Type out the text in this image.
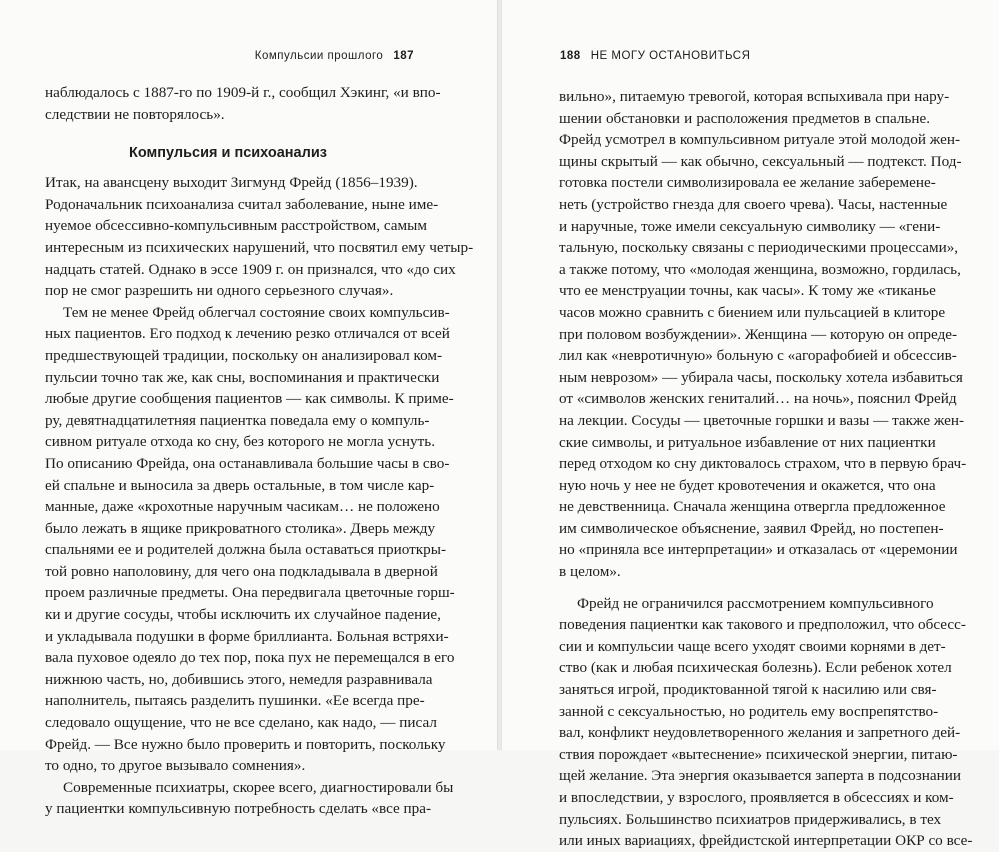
Компульсии прошлого 187
наблюдалось с 1887-го по 1909-й г., сообщил Хэкинг, «и впо-
следствии не повторялось».
Компульсия и психоанализ
Итак, на авансцену выходит Зигмунд Фрейд (1856–1939).
Родоначальник психоанализа считал заболевание, ныне име-
нуемое обсессивно-компульсивным расстройством, самым
интересным из психических нарушений, что посвятил ему четыр-
надцать статей. Однако в эссе 1909 г. он признался, что «до сих
пор не смог разрешить ни одного серьезного случая».
Тем не менее Фрейд облегчал состояние своих компульсив-
ных пациентов. Его подход к лечению резко отличался от всей
предшествующей традиции, поскольку он анализировал ком-
пульсии точно так же, как сны, воспоминания и практически
любые другие сообщения пациентов — как символы. К приме-
ру, девятнадцатилетняя пациентка поведала ему о компуль-
сивном ритуале отхода ко сну, без которого не могла уснуть.
По описанию Фрейда, она останавливала большие часы в сво-
ей спальне и выносила за дверь остальные, в том числе кар-
манные, даже «крохотные наручным часикам… не положено
было лежать в ящике прикроватного столика». Дверь между
спальнями ее и родителей должна была оставаться приоткры-
той ровно наполовину, для чего она подкладывала в дверной
проем различные предметы. Она передвигала цветочные горш-
ки и другие сосуды, чтобы исключить их случайное падение,
и укладывала подушки в форме бриллианта. Больная встряхи-
вала пуховое одеяло до тех пор, пока пух не перемещался в его
нижнюю часть, но, добившись этого, немедля разравнивала
наполнитель, пытаясь разделить пушинки. «Ее всегда пре-
следовало ощущение, что не все сделано, как надо, — писал
Фрейд. — Все нужно было проверить и повторить, поскольку
то одно, то другое вызывало сомнения».
Современные психиатры, скорее всего, диагностировали бы
у пациентки компульсивную потребность сделать «все пра-
188 НЕ МОГУ ОСТАНОВИТЬСЯ
вильно», питаемую тревогой, которая вспыхивала при нару-
шении обстановки и расположения предметов в спальне.
Фрейд усмотрел в компульсивном ритуале этой молодой жен-
щины скрытый — как обычно, сексуальный — подтекст. Под-
готовка постели символизировала ее желание заберемене-
неть (устройство гнезда для своего чрева). Часы, настенные
и наручные, тоже имели сексуальную символику — «гени-
тальную, поскольку связаны с периодическими процессами»,
а также потому, что «молодая женщина, возможно, гордилась,
что ее менструации точны, как часы». К тому же «тиканье
часов можно сравнить с биением или пульсацией в клиторе
при половом возбуждении». Женщина — которую он опреде-
лил как «невротичную» больную с «агорафобией и обсессив-
ным неврозом» — убирала часы, поскольку хотела избавиться
от «символов женских гениталий… на ночь», пояснил Фрейд
на лекции. Сосуды — цветочные горшки и вазы — также жен-
ские символы, и ритуальное избавление от них пациентки
перед отходом ко сну диктовалось страхом, что в первую брач-
ную ночь у нее не будет кровотечения и окажется, что она
не девственница. Сначала женщина отвергла предложенное
им символическое объяснение, заявил Фрейд, но постепен-
но «приняла все интерпретации» и отказалась от «церемонии
в целом».
Фрейд не ограничился рассмотрением компульсивного
поведения пациентки как такового и предположил, что обсесс-
сии и компульсии чаще всего уходят своими корнями в дет-
ство (как и любая психическая болезнь). Если ребенок хотел
заняться игрой, продиктованной тягой к насилию или свя-
занной с сексуальностью, но родитель ему воспрепятство-
вал, конфликт неудовлетворенного желания и запретного дей-
ствия порождает «вытеснение» психической энергии, питаю-
щей желание. Эта энергия оказывается заперта в подсознании
и впоследствии, у взрослого, проявляется в обсессиях и ком-
пульсиях. Большинство психиатров придерживались, в тех
или иных вариациях, фрейдистской интерпретации ОКР со все-
